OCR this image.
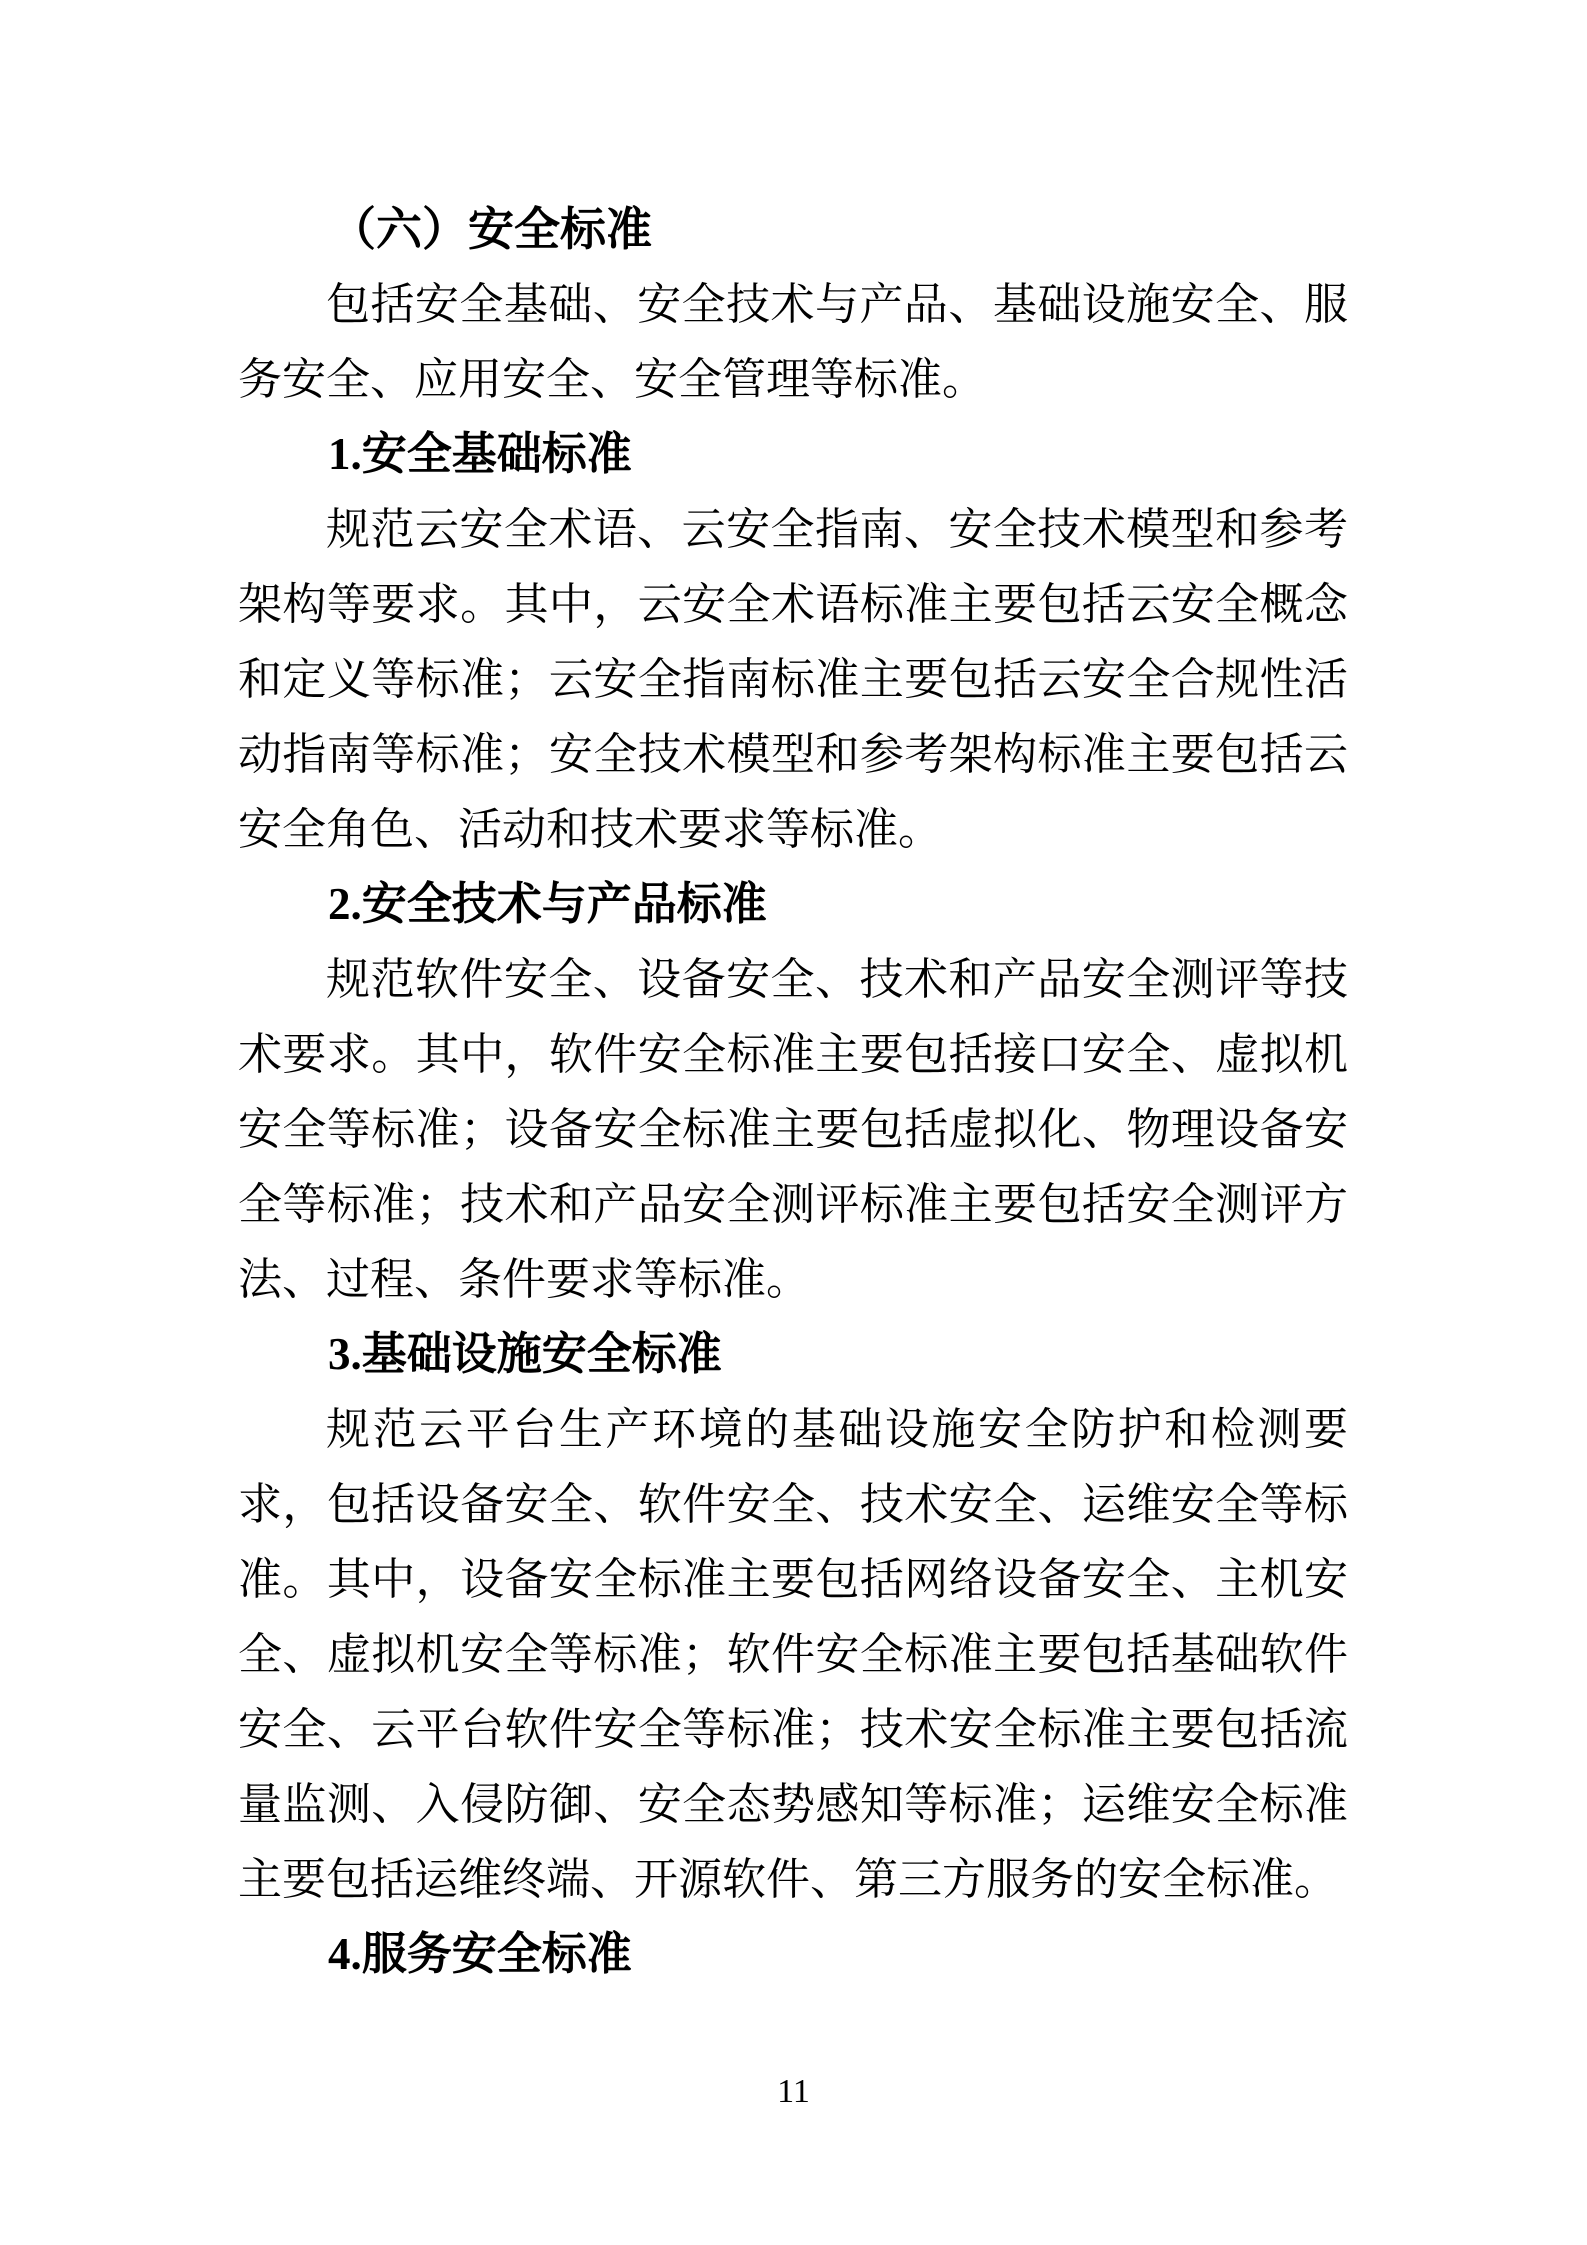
（六）安全标准
包括安全基础、安全技术与产品、基础设施安全、服务安全、应用安全、安全管理等标准。
1.安全基础标准
规范云安全术语、云安全指南、安全技术模型和参考架构等要求。其中，云安全术语标准主要包括云安全概念和定义等标准；云安全指南标准主要包括云安全合规性活动指南等标准；安全技术模型和参考架构标准主要包括云安全角色、活动和技术要求等标准。
2.安全技术与产品标准
规范软件安全、设备安全、技术和产品安全测评等技术要求。其中，软件安全标准主要包括接口安全、虚拟机安全等标准；设备安全标准主要包括虚拟化、物理设备安全等标准；技术和产品安全测评标准主要包括安全测评方法、过程、条件要求等标准。
3.基础设施安全标准
规范云平台生产环境的基础设施安全防护和检测要求，包括设备安全、软件安全、技术安全、运维安全等标准。其中，设备安全标准主要包括网络设备安全、主机安全、虚拟机安全等标准；软件安全标准主要包括基础软件安全、云平台软件安全等标准；技术安全标准主要包括流量监测、入侵防御、安全态势感知等标准；运维安全标准主要包括运维终端、开源软件、第三方服务的安全标准。
4.服务安全标准
11
